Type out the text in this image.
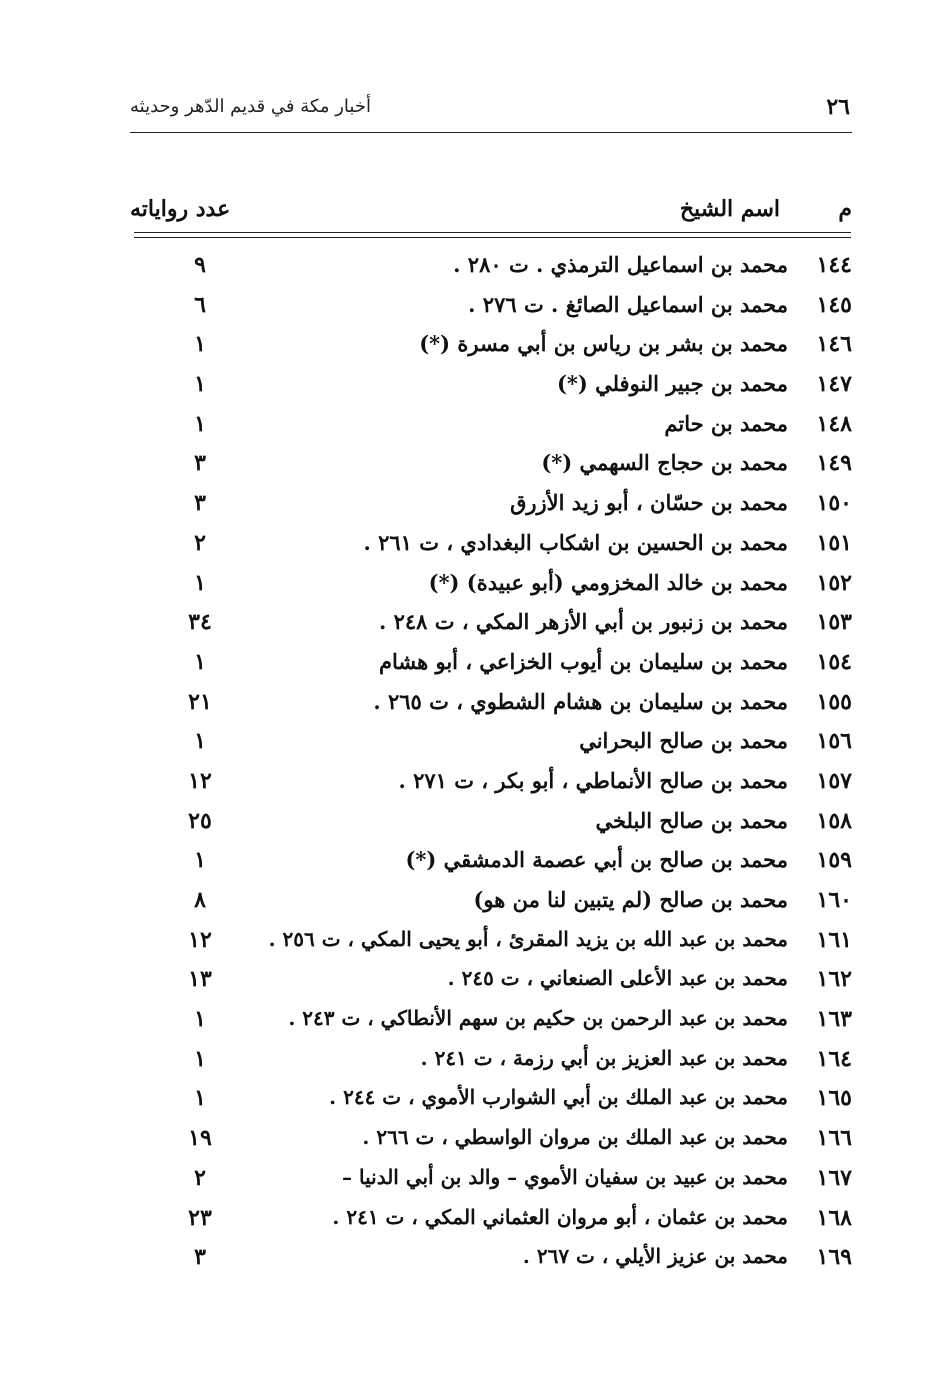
٢٦
أخبار مكة في قديم الدّهر وحديثه
م
اسم الشيخ
عدد رواياته
١٤٤
محمد بن اسماعيل الترمذي . ت ٢٨٠ .
٩
١٤٥
محمد بن اسماعيل الصائغ . ت ٢٧٦ .
٦
١٤٦
محمد بن بشر بن رياس بن أبي مسرة (*)
١
١٤٧
محمد بن جبير النوفلي (*)
١
١٤٨
محمد بن حاتم
١
١٤٩
محمد بن حجاج السهمي (*)
٣
١٥٠
محمد بن حسّان ، أبو زيد الأزرق
٣
١٥١
محمد بن الحسين بن اشكاب البغدادي ، ت ٢٦١ .
٢
١٥٢
محمد بن خالد المخزومي (أبو عبيدة) (*)
١
١٥٣
محمد بن زنبور بن أبي الأزهر المكي ، ت ٢٤٨ .
٣٤
١٥٤
محمد بن سليمان بن أيوب الخزاعي ، أبو هشام
١
١٥٥
محمد بن سليمان بن هشام الشطوي ، ت ٢٦٥ .
٢١
١٥٦
محمد بن صالح البحراني
١
١٥٧
محمد بن صالح الأنماطي ، أبو بكر ، ت ٢٧١ .
١٢
١٥٨
محمد بن صالح البلخي
٢٥
١٥٩
محمد بن صالح بن أبي عصمة الدمشقي (*)
١
١٦٠
محمد بن صالح (لم يتبين لنا من هو)
٨
١٦١
محمد بن عبد الله بن يزيد المقرئ ، أبو يحيى المكي ، ت ٢٥٦ .
١٢
١٦٢
محمد بن عبد الأعلى الصنعاني ، ت ٢٤٥ .
١٣
١٦٣
محمد بن عبد الرحمن بن حكيم بن سهم الأنطاكي ، ت ٢٤٣ .
١
١٦٤
محمد بن عبد العزيز بن أبي رزمة ، ت ٢٤١ .
١
١٦٥
محمد بن عبد الملك بن أبي الشوارب الأموي ، ت ٢٤٤ .
١
١٦٦
محمد بن عبد الملك بن مروان الواسطي ، ت ٢٦٦ .
١٩
١٦٧
محمد بن عبيد بن سفيان الأموي – والد بن أبي الدنيا –
٢
١٦٨
محمد بن عثمان ، أبو مروان العثماني المكي ، ت ٢٤١ .
٢٣
١٦٩
محمد بن عزيز الأيلي ، ت ٢٦٧ .
٣
